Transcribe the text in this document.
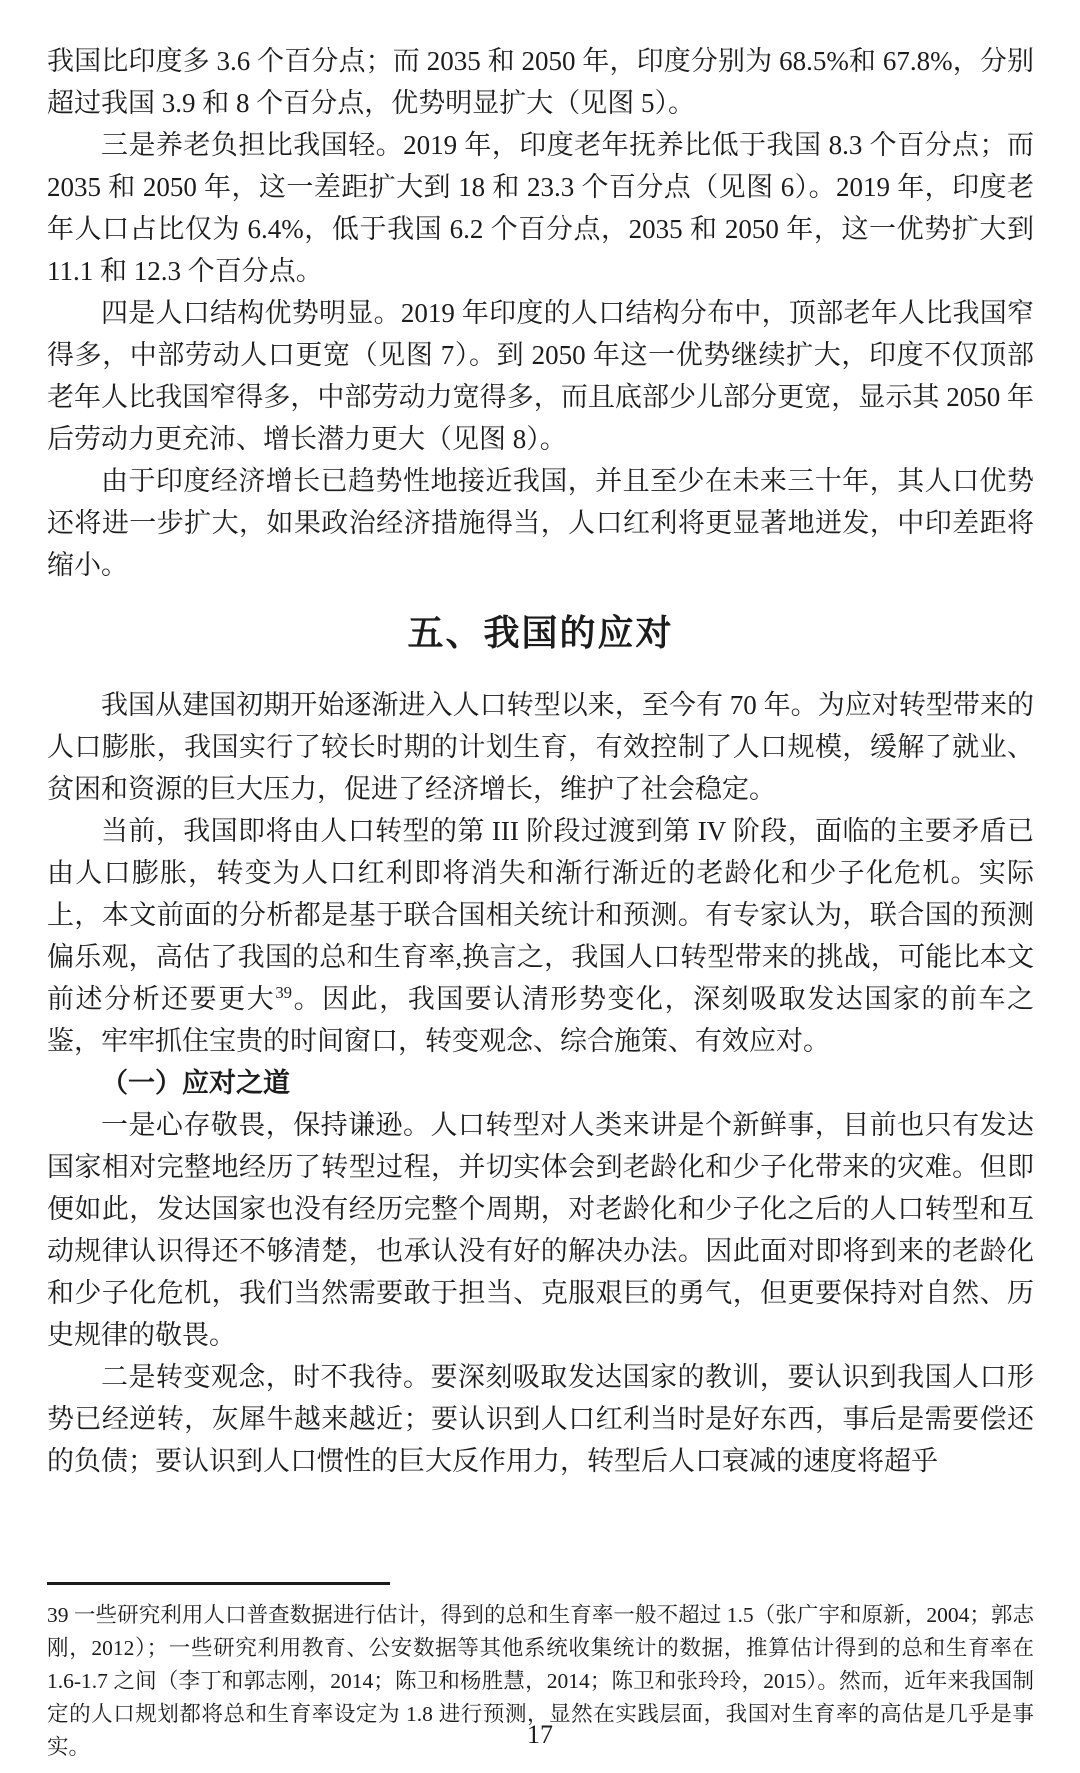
我国比印度多 3.6 个百分点；而 2035 和 2050 年，印度分别为 68.5%和 67.8%，分别超过我国 3.9 和 8 个百分点，优势明显扩大（见图 5）。

三是养老负担比我国轻。2019 年，印度老年抚养比低于我国 8.3 个百分点；而 2035 和 2050 年，这一差距扩大到 18 和 23.3 个百分点（见图 6）。2019 年，印度老年人口占比仅为 6.4%，低于我国 6.2 个百分点，2035 和 2050 年，这一优势扩大到 11.1 和 12.3 个百分点。

四是人口结构优势明显。2019 年印度的人口结构分布中，顶部老年人比我国窄得多，中部劳动人口更宽（见图 7）。到 2050 年这一优势继续扩大，印度不仅顶部老年人比我国窄得多，中部劳动力宽得多，而且底部少儿部分更宽，显示其 2050 年后劳动力更充沛、增长潜力更大（见图 8）。

由于印度经济增长已趋势性地接近我国，并且至少在未来三十年，其人口优势还将进一步扩大，如果政治经济措施得当，人口红利将更显著地迸发，中印差距将缩小。

五、我国的应对

我国从建国初期开始逐渐进入人口转型以来，至今有 70 年。为应对转型带来的人口膨胀，我国实行了较长时期的计划生育，有效控制了人口规模，缓解了就业、贫困和资源的巨大压力，促进了经济增长，维护了社会稳定。

当前，我国即将由人口转型的第 III 阶段过渡到第 IV 阶段，面临的主要矛盾已由人口膨胀，转变为人口红利即将消失和渐行渐近的老龄化和少子化危机。实际上，本文前面的分析都是基于联合国相关统计和预测。有专家认为，联合国的预测偏乐观，高估了我国的总和生育率,换言之，我国人口转型带来的挑战，可能比本文前述分析还要更大$^{39}$。因此，我国要认清形势变化，深刻吸取发达国家的前车之鉴，牢牢抓住宝贵的时间窗口，转变观念、综合施策、有效应对。

（一）应对之道

一是心存敬畏，保持谦逊。人口转型对人类来讲是个新鲜事，目前也只有发达国家相对完整地经历了转型过程，并切实体会到老龄化和少子化带来的灾难。但即便如此，发达国家也没有经历完整个周期，对老龄化和少子化之后的人口转型和互动规律认识得还不够清楚，也承认没有好的解决办法。因此面对即将到来的老龄化和少子化危机，我们当然需要敢于担当、克服艰巨的勇气，但更要保持对自然、历史规律的敬畏。

二是转变观念，时不我待。要深刻吸取发达国家的教训，要认识到我国人口形势已经逆转，灰犀牛越来越近；要认识到人口红利当时是好东西，事后是需要偿还的负债；要认识到人口惯性的巨大反作用力，转型后人口衰减的速度将超乎

39 一些研究利用人口普查数据进行估计，得到的总和生育率一般不超过 1.5（张广宇和原新，2004；郭志刚，2012）；一些研究利用教育、公安数据等其他系统收集统计的数据，推算估计得到的总和生育率在 1.6-1.7 之间（李丁和郭志刚，2014；陈卫和杨胜慧，2014；陈卫和张玲玲，2015）。然而，近年来我国制定的人口规划都将总和生育率设定为 1.8 进行预测，显然在实践层面，我国对生育率的高估是几乎是事实。	17
